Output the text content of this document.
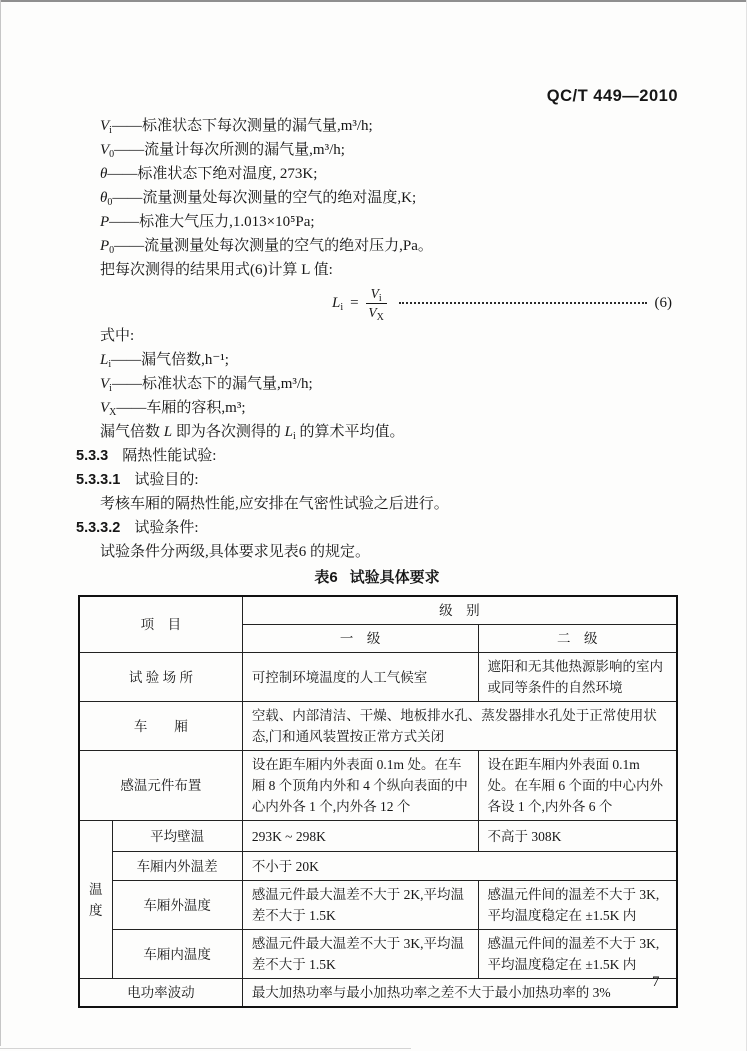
QC/T 449—2010
$V_i——$标准状态下每次测量的漏气量,m³/h;
$V_0——$流量计每次所测的漏气量,m³/h;
θ——标准状态下绝对温度, 273K;
$\theta_0——$流量测量处每次测量的空气的绝对温度,K;
P——标准大气压力,1.013×10⁵Pa;
$P_0——$流量测量处每次测量的空气的绝对压力,Pa。
把每次测得的结果用式(6)计算 L 值:
$L_i = \frac{V_i}{V_X}$	(6)
式中:
$L_i——$漏气倍数,h⁻¹;
$V_i——$标准状态下的漏气量,m³/h;
$V_X——$车厢的容积,m³;
漏气倍数 L 即为各次测得的 $L_i$ 的算术平均值。
5.3.3 隔热性能试验:
5.3.3.1 试验目的:
考核车厢的隔热性能,应安排在气密性试验之后进行。
5.3.3.2 试验条件:
试验条件分两级,具体要求见表6 的规定。
表6 试验具体要求
项　目		级　别	
		一　级	二　级
试 验 场 所		可控制环境温度的人工气候室	遮阳和无其他热源影响的室内或同等条件的自然环境
车　　厢		空载、内部清洁、干燥、地板排水孔、蒸发器排水孔处于正常使用状态,门和通风装置按正常方式关闭	
感温元件布置		设在距车厢内外表面 0.1m 处。在车厢 8 个顶角内外和 4 个纵向表面的中心内外各 1 个,内外各 12 个	设在距车厢内外表面 0.1m 处。在车厢 6 个面的中心内外各设 1 个,内外各 6 个
温度	平均壁温	293K ~ 298K	不高于 308K
	车厢内外温差	不小于 20K	
	车厢外温度	感温元件最大温差不大于 2K,平均温差不大于 1.5K	感温元件间的温差不大于 3K,平均温度稳定在 ±1.5K 内
	车厢内温度	感温元件最大温差不大于 3K,平均温差不大于 1.5K	感温元件间的温差不大于 3K,平均温度稳定在 ±1.5K 内
电功率波动		最大加热功率与最小加热功率之差不大于最小加热功率的 3%	
7
